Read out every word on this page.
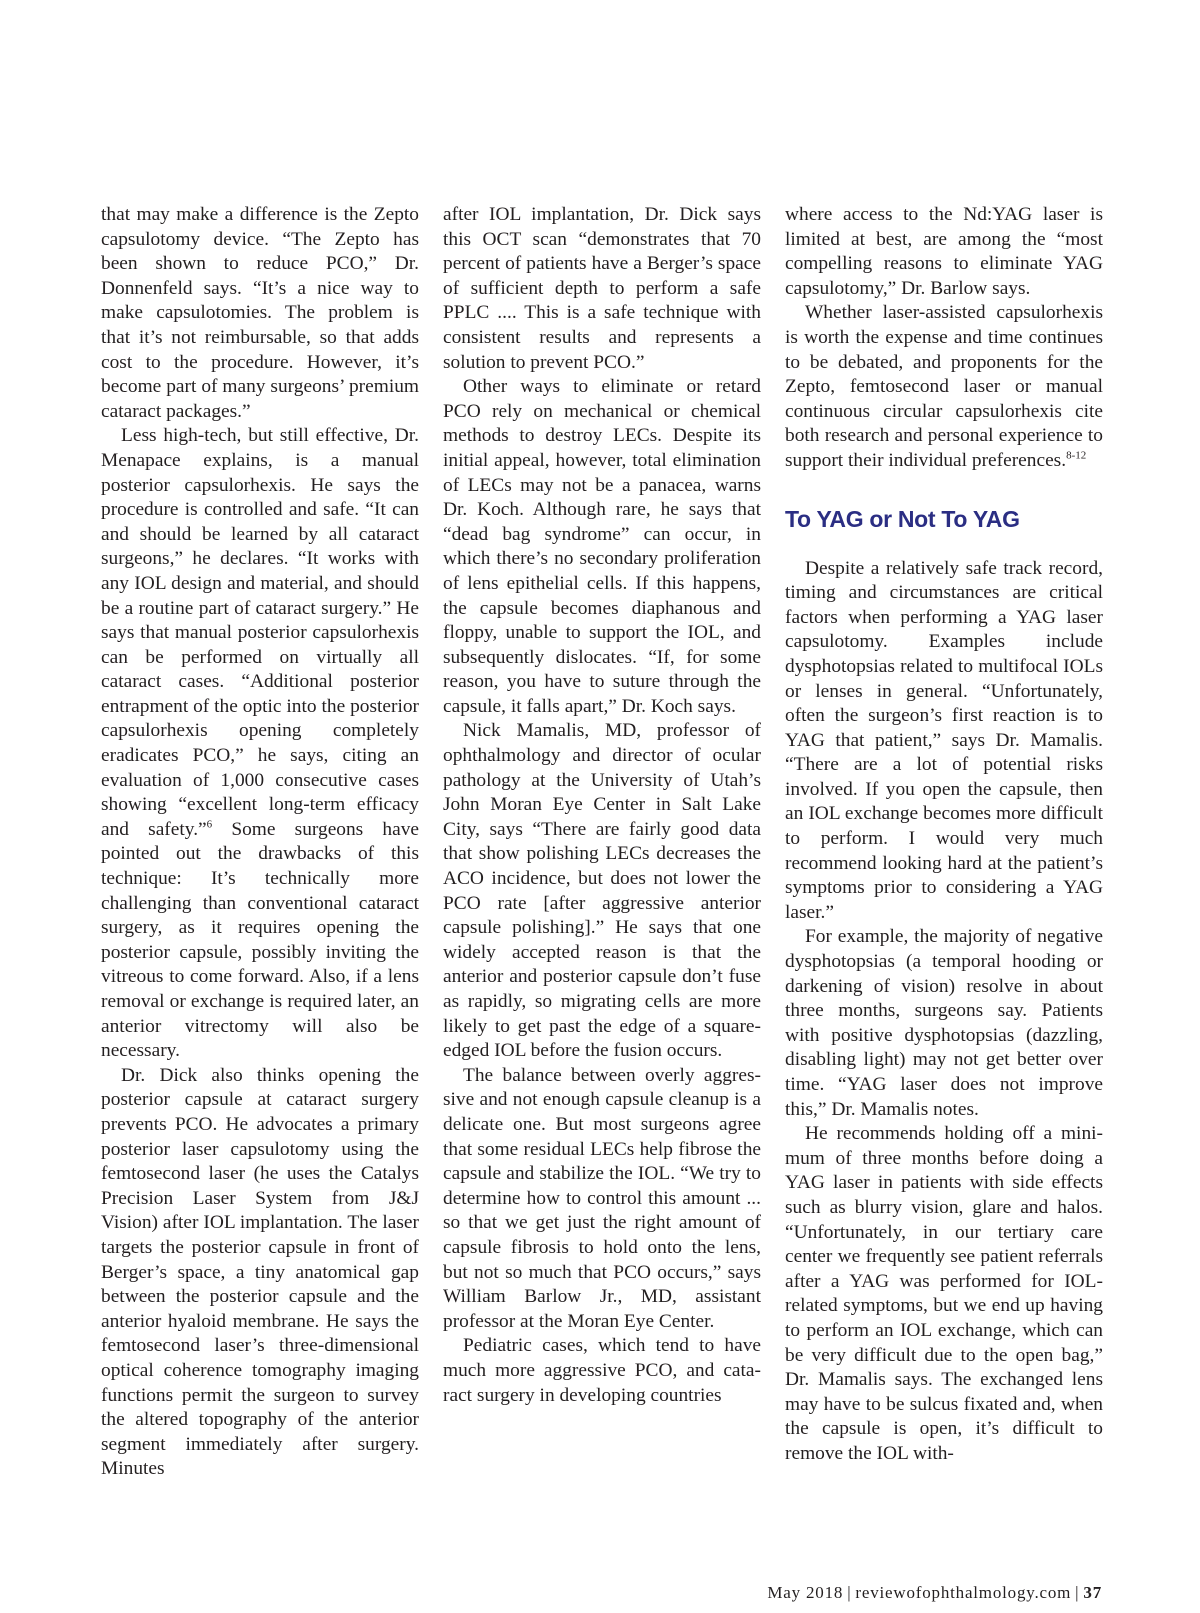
that may make a difference is the Zepto capsulotomy device. “The Zepto has been shown to reduce PCO,” Dr. Donnenfeld says. “It’s a nice way to make capsulotomies. The problem is that it’s not reimbursable, so that adds cost to the procedure. However, it’s become part of many surgeons’ premium cataract packages.”

Less high-tech, but still effective, Dr. Menapace explains, is a manual posterior capsulorhexis. He says the procedure is controlled and safe. “It can and should be learned by all cataract surgeons,” he declares. “It works with any IOL design and material, and should be a routine part of cataract surgery.” He says that manual posterior capsulorhexis can be performed on virtually all cataract cases. “Additional posterior entrapment of the optic into the posterior capsulorhexis opening completely eradicates PCO,” he says, citing an evaluation of 1,000 consecutive cases showing “excellent long-term efficacy and safety.”$^6$ Some surgeons have pointed out the drawbacks of this technique: It’s technically more challenging than conventional cataract surgery, as it requires opening the posterior capsule, possibly inviting the vitreous to come forward. Also, if a lens removal or exchange is required later, an anterior vitrectomy will also be necessary.

Dr. Dick also thinks opening the posterior capsule at cataract surgery prevents PCO. He advocates a primary posterior laser capsulotomy using the femtosecond laser (he uses the Catalys Precision Laser System from J&J Vision) after IOL implantation. The laser targets the posterior capsule in front of Berger’s space, a tiny anatomical gap between the posterior capsule and the anterior hyaloid membrane. He says the femtosecond laser’s three-dimensional optical coherence tomography imaging functions permit the surgeon to survey the altered topography of the anterior segment immediately after surgery. Minutes

after IOL implantation, Dr. Dick says this OCT scan “demonstrates that 70 percent of patients have a Berger’s space of sufficient depth to perform a safe PPLC .... This is a safe technique with consistent results and represents a solution to prevent PCO.”

Other ways to eliminate or retard PCO rely on mechanical or chemical methods to destroy LECs. Despite its initial appeal, however, total elimination of LECs may not be a panacea, warns Dr. Koch. Although rare, he says that “dead bag syndrome” can occur, in which there’s no secondary proliferation of lens epithelial cells. If this happens, the capsule becomes diaphanous and floppy, unable to support the IOL, and subsequently dislocates. “If, for some reason, you have to suture through the capsule, it falls apart,” Dr. Koch says.

Nick Mamalis, MD, professor of ophthalmology and director of ocular pathology at the University of Utah’s John Moran Eye Center in Salt Lake City, says “There are fairly good data that show polishing LECs decreases the ACO incidence, but does not lower the PCO rate [after aggressive anterior capsule polishing].” He says that one widely accepted reason is that the anterior and posterior capsule don’t fuse as rapidly, so migrating cells are more likely to get past the edge of a square-edged IOL before the fusion occurs.

The balance between overly aggressive and not enough capsule cleanup is a delicate one. But most surgeons agree that some residual LECs help fibrose the capsule and stabilize the IOL. “We try to determine how to control this amount ... so that we get just the right amount of capsule fibrosis to hold onto the lens, but not so much that PCO occurs,” says William Barlow Jr., MD, assistant professor at the Moran Eye Center.

Pediatric cases, which tend to have much more aggressive PCO, and cataract surgery in developing countries

where access to the Nd:YAG laser is limited at best, are among the “most compelling reasons to eliminate YAG capsulotomy,” Dr. Barlow says.

Whether laser-assisted capsulorhexis is worth the expense and time continues to be debated, and proponents for the Zepto, femtosecond laser or manual continuous circular capsulorhexis cite both research and personal experience to support their individual preferences.$^{8-12}$

To YAG or Not To YAG

Despite a relatively safe track record, timing and circumstances are critical factors when performing a YAG laser capsulotomy. Examples include dysphotopsias related to multifocal IOLs or lenses in general. “Unfortunately, often the surgeon’s first reaction is to YAG that patient,” says Dr. Mamalis. “There are a lot of potential risks involved. If you open the capsule, then an IOL exchange becomes more difficult to perform. I would very much recommend looking hard at the patient’s symptoms prior to considering a YAG laser.”

For example, the majority of negative dysphotopsias (a temporal hooding or darkening of vision) resolve in about three months, surgeons say. Patients with positive dysphotopsias (dazzling, disabling light) may not get better over time. “YAG laser does not improve this,” Dr. Mamalis notes.

He recommends holding off a minimum of three months before doing a YAG laser in patients with side effects such as blurry vision, glare and halos. “Unfortunately, in our tertiary care center we frequently see patient referrals after a YAG was performed for IOL-related symptoms, but we end up having to perform an IOL exchange, which can be very difficult due to the open bag,” Dr. Mamalis says. The exchanged lens may have to be sulcus fixated and, when the capsule is open, it’s difficult to remove the IOL with-

May 2018 | reviewofophthalmology.com | 37
